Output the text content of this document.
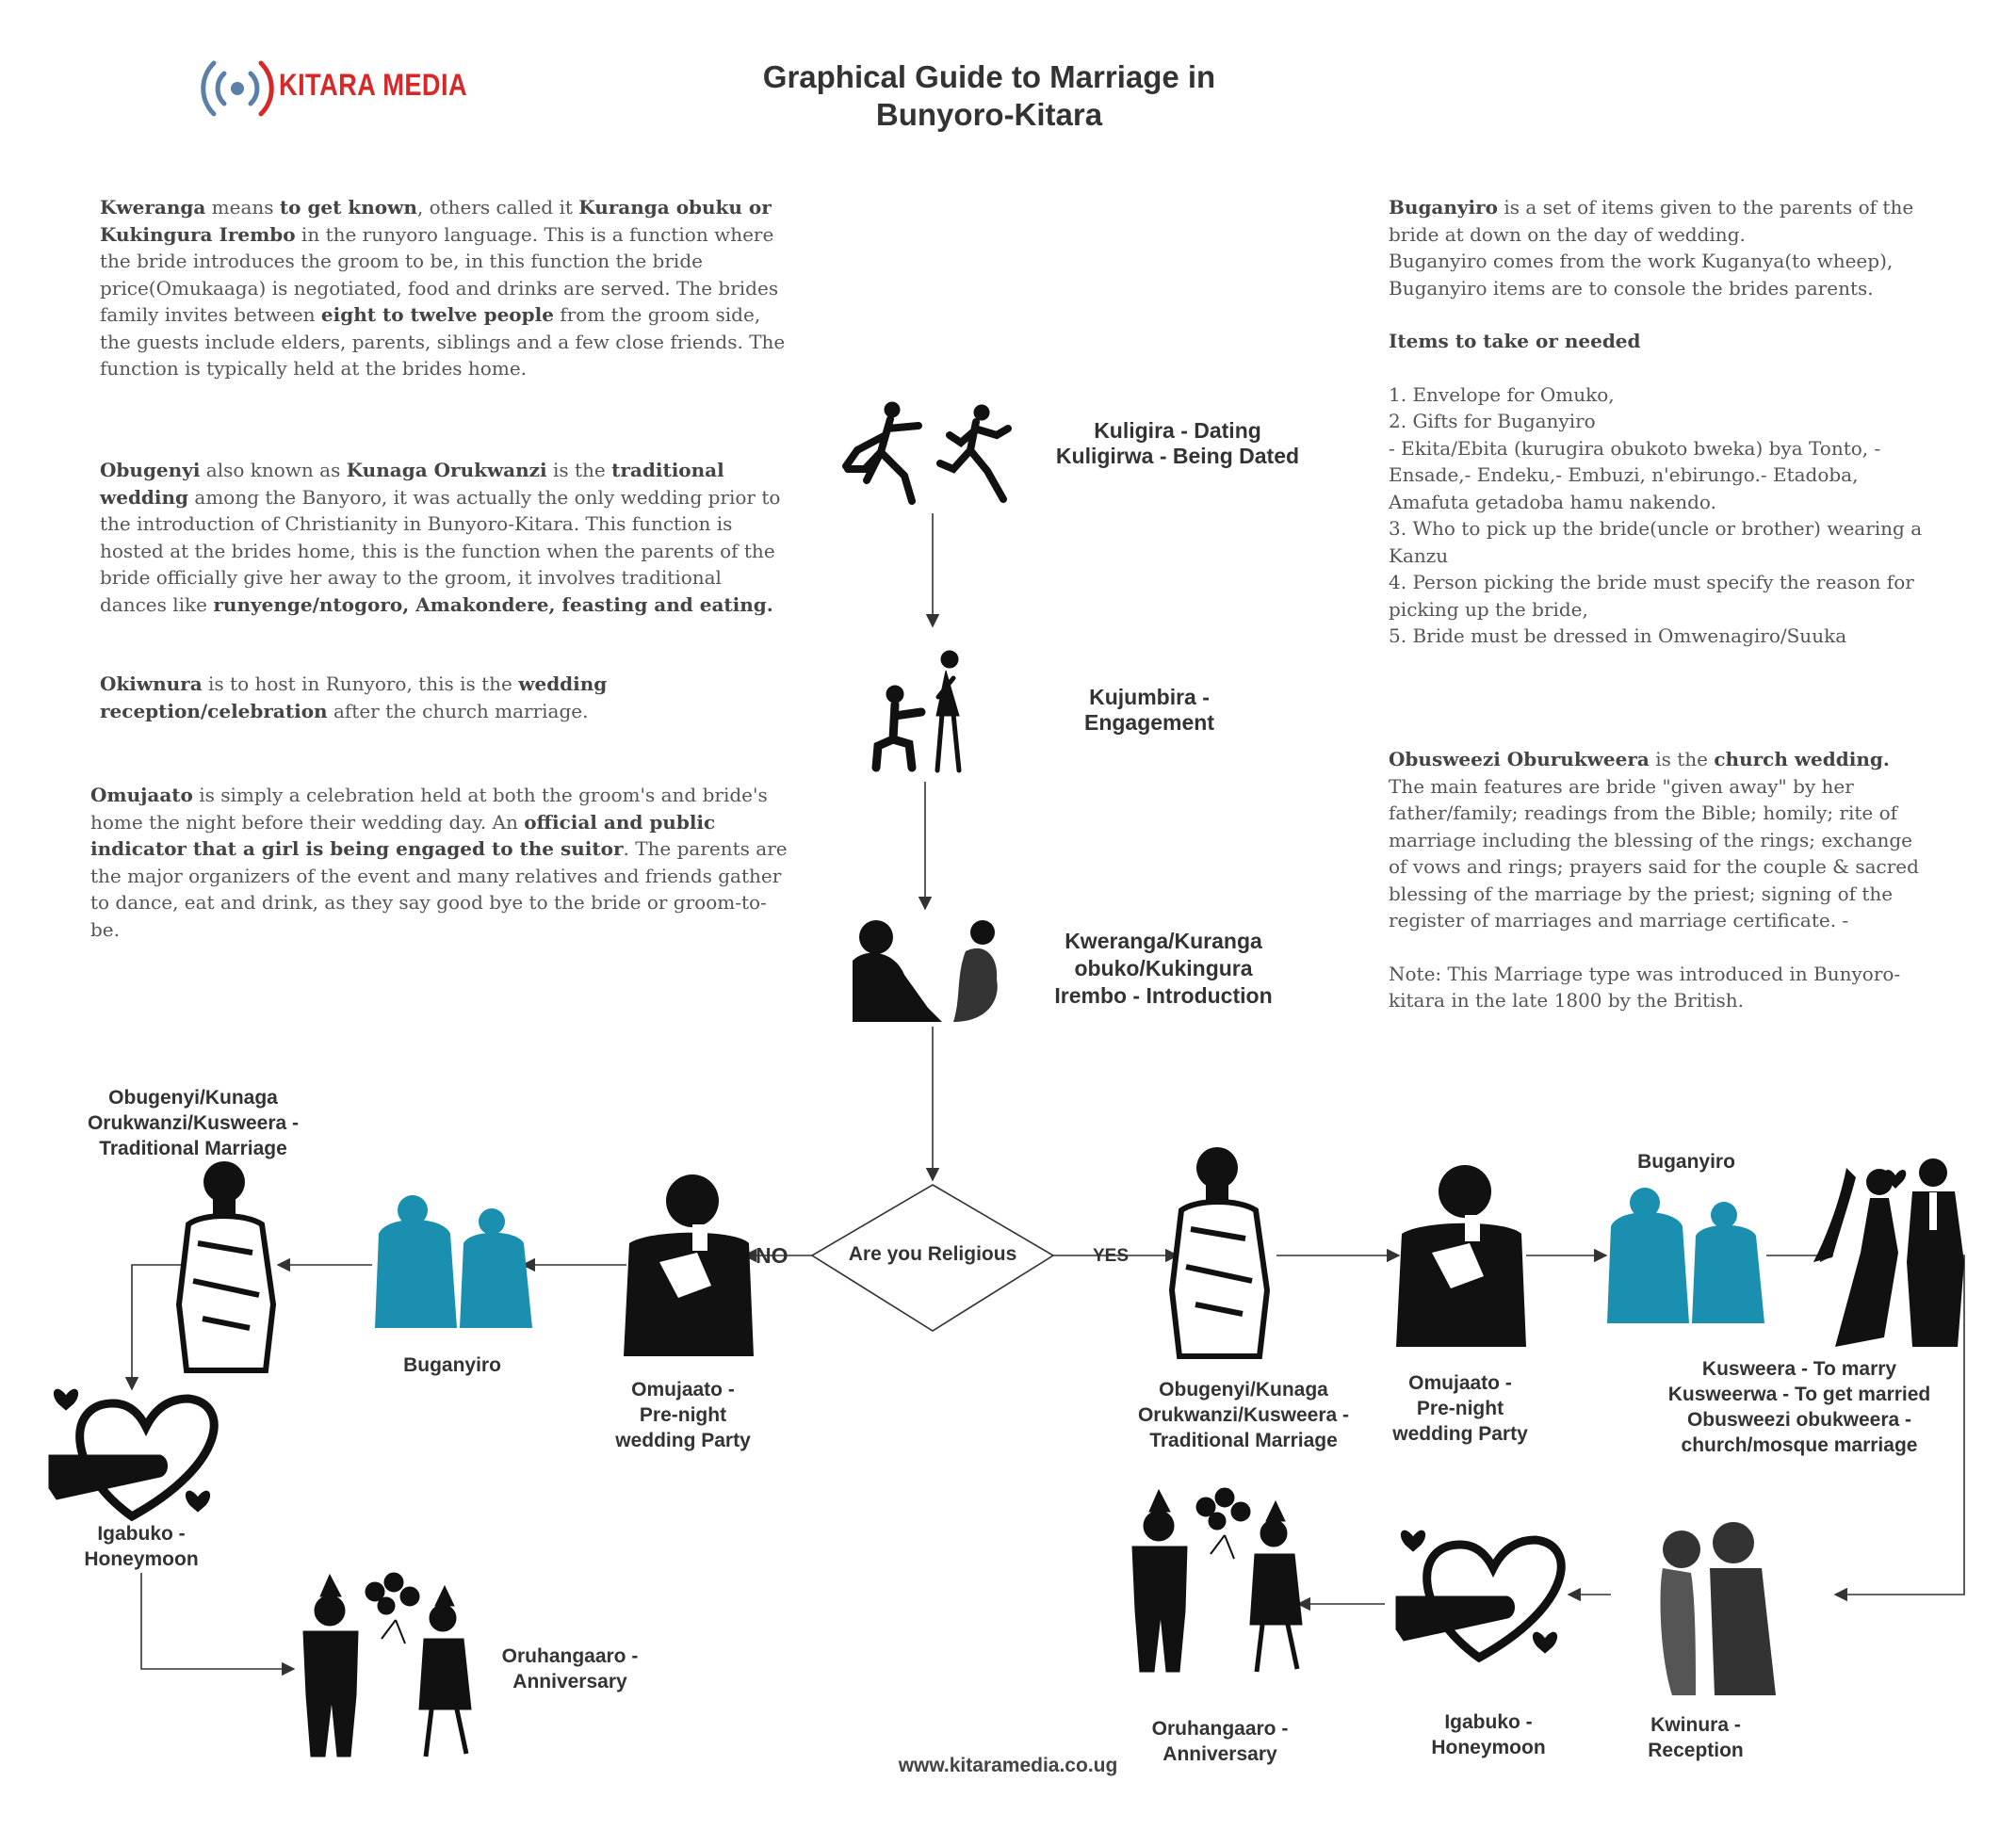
KITARA MEDIA	Graphical Guide to Marriage in
Bunyoro-Kitara
Kweranga means to get known, others called it Kuranga obuku or Kukingura Irembo in the runyoro language. This is a function where the bride introduces the groom to be, in this function the bride price(Omukaaga) is negotiated, food and drinks are served. The brides family invites between eight to twelve people from the groom side, the guests include elders, parents, siblings and a few close friends. The function is typically held at the brides home.
Obugenyi also known as Kunaga Orukwanzi is the traditional wedding among the Banyoro, it was actually the only wedding prior to the introduction of Christianity in Bunyoro-Kitara. This function is hosted at the brides home, this is the function when the parents of the bride officially give her away to the groom, it involves traditional dances like runyenge/ntogoro, Amakondere, feasting and eating.
Okiwnura is to host in Runyoro, this is the wedding reception/celebration after the church marriage.
Omujaato is simply a celebration held at both the groom's and bride's home the night before their wedding day. An official and public indicator that a girl is being engaged to the suitor. The parents are the major organizers of the event and many relatives and friends gather to dance, eat and drink, as they say good bye to the bride or groom-to-be.
Buganyiro is a set of items given to the parents of the bride at down on the day of wedding.
Buganyiro comes from the work Kuganya(to wheep), Buganyiro items are to console the brides parents.
Items to take or needed
1. Envelope for Omuko,
2. Gifts for Buganyiro
- Ekita/Ebita (kurugira obukoto bweka) bya Tonto, - Ensade,- Endeku,- Embuzi, n'ebirungo.- Etadoba, Amafuta getadoba hamu nakendo.
3. Who to pick up the bride(uncle or brother) wearing a Kanzu
4. Person picking the bride must specify the reason for picking up the bride,
5. Bride must be dressed in Omwenagiro/Suuka
Obusweezi Oburukweera is the church wedding. The main features are bride "given away" by her father/family; readings from the Bible; homily; rite of marriage including the blessing of the rings; exchange of vows and rings; prayers said for the couple & sacred blessing of the marriage by the priest; signing of the register of marriages and marriage certificate. -
Note: This Marriage type was introduced in Bunyoro-kitara in the late 1800 by the British.
Kuligira - Dating
Kuligirwa - Being Dated
Kujumbira -
Engagement
Kweranga/Kuranga
obuko/Kukingura
Irembo - Introduction
Are you Religious
NO	YES
Obugenyi/Kunaga
Orukwanzi/Kusweera -
Traditional Marriage
Buganyiro
Omujaato -
Pre-night
wedding Party
Igabuko -
Honeymoon
Oruhangaaro -
Anniversary
Obugenyi/Kunaga
Orukwanzi/Kusweera -
Traditional Marriage
Omujaato -
Pre-night
wedding Party
Buganyiro
Kusweera - To marry
Kusweerwa - To get married
Obusweezi obukweera -
church/mosque marriage
Kwinura -
Reception
Igabuko -
Honeymoon
Oruhangaaro -
Anniversary
www.kitaramedia.co.ug
